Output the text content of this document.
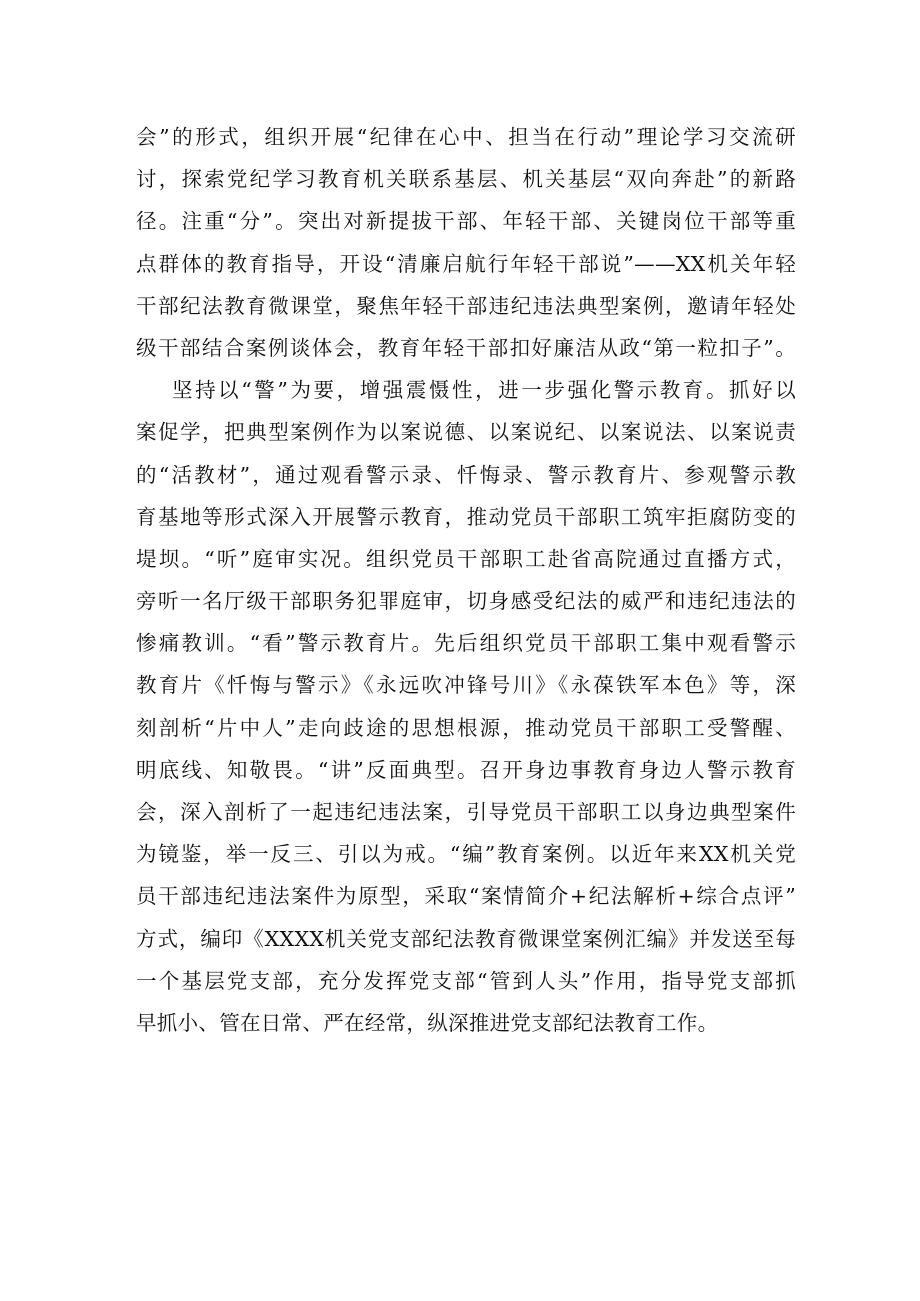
会”的形式，组织开展“纪律在心中、担当在行动”理论学习交流研
讨，探索党纪学习教育机关联系基层、机关基层“双向奔赴”的新路
径。注重“分”。突出对新提拔干部、年轻干部、关键岗位干部等重
点群体的教育指导，开设“清廉启航行年轻干部说”——XX机关年轻
干部纪法教育微课堂，聚焦年轻干部违纪违法典型案例，邀请年轻处
级干部结合案例谈体会，教育年轻干部扣好廉洁从政“第一粒扣子”。
坚持以“警”为要，增强震慑性，进一步强化警示教育。抓好以
案促学，把典型案例作为以案说德、以案说纪、以案说法、以案说责
的“活教材”，通过观看警示录、忏悔录、警示教育片、参观警示教
育基地等形式深入开展警示教育，推动党员干部职工筑牢拒腐防变的
堤坝。“听”庭审实况。组织党员干部职工赴省高院通过直播方式，
旁听一名厅级干部职务犯罪庭审，切身感受纪法的威严和违纪违法的
惨痛教训。“看”警示教育片。先后组织党员干部职工集中观看警示
教育片《忏悔与警示》《永远吹冲锋号川》《永葆铁军本色》等，深
刻剖析“片中人”走向歧途的思想根源，推动党员干部职工受警醒、
明底线、知敬畏。“讲”反面典型。召开身边事教育身边人警示教育
会，深入剖析了一起违纪违法案，引导党员干部职工以身边典型案件
为镜鉴，举一反三、引以为戒。“编”教育案例。以近年来XX机关党
员干部违纪违法案件为原型，采取“案情简介+纪法解析+综合点评”
方式，编印《XXXX机关党支部纪法教育微课堂案例汇编》并发送至每
一个基层党支部，充分发挥党支部“管到人头”作用，指导党支部抓
早抓小、管在日常、严在经常，纵深推进党支部纪法教育工作。
